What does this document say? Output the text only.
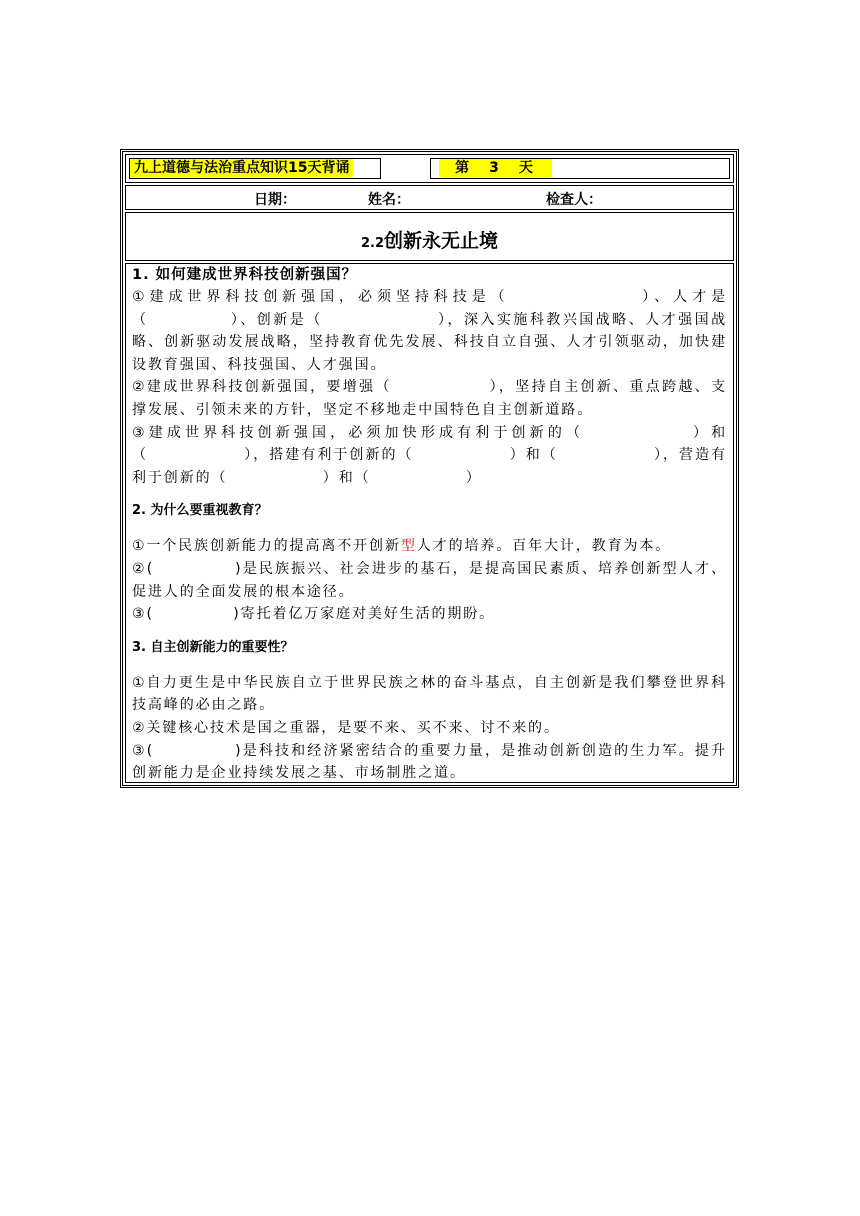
九上道德与法治重点知识15天背诵	第　3　天
日期：	姓名：	检查人：
2.2创新永无止境
1. 如何建成世界科技创新强国？
①建成世界科技创新强国，必须坚持科技是（　　　　　　　）、人才是（　　　　　）、创新是（　　　　　　　），深入实施科教兴国战略、人才强国战略、创新驱动发展战略，坚持教育优先发展、科技自立自强、人才引领驱动，加快建设教育强国、科技强国、人才强国。
②建成世界科技创新强国，要增强（　　　　　　），坚持自主创新、重点跨越、支撑发展、引领未来的方针，坚定不移地走中国特色自主创新道路。
③建成世界科技创新强国，必须加快形成有利于创新的（　　　　　　）和（　　　　　　），搭建有利于创新的（　　　　　　）和（　　　　　　），营造有利于创新的（　　　　　　）和（　　　　　　）
2. 为什么要重视教育？
①一个民族创新能力的提高离不开创新型人才的培养。百年大计，教育为本。
②(　　　　　)是民族振兴、社会进步的基石，是提高国民素质、培养创新型人才、促进人的全面发展的根本途径。
③(　　　　　)寄托着亿万家庭对美好生活的期盼。
3. 自主创新能力的重要性？
①自力更生是中华民族自立于世界民族之林的奋斗基点，自主创新是我们攀登世界科技高峰的必由之路。
②关键核心技术是国之重器，是要不来、买不来、讨不来的。
③(　　　　　)是科技和经济紧密结合的重要力量，是推动创新创造的生力军。提升创新能力是企业持续发展之基、市场制胜之道。
